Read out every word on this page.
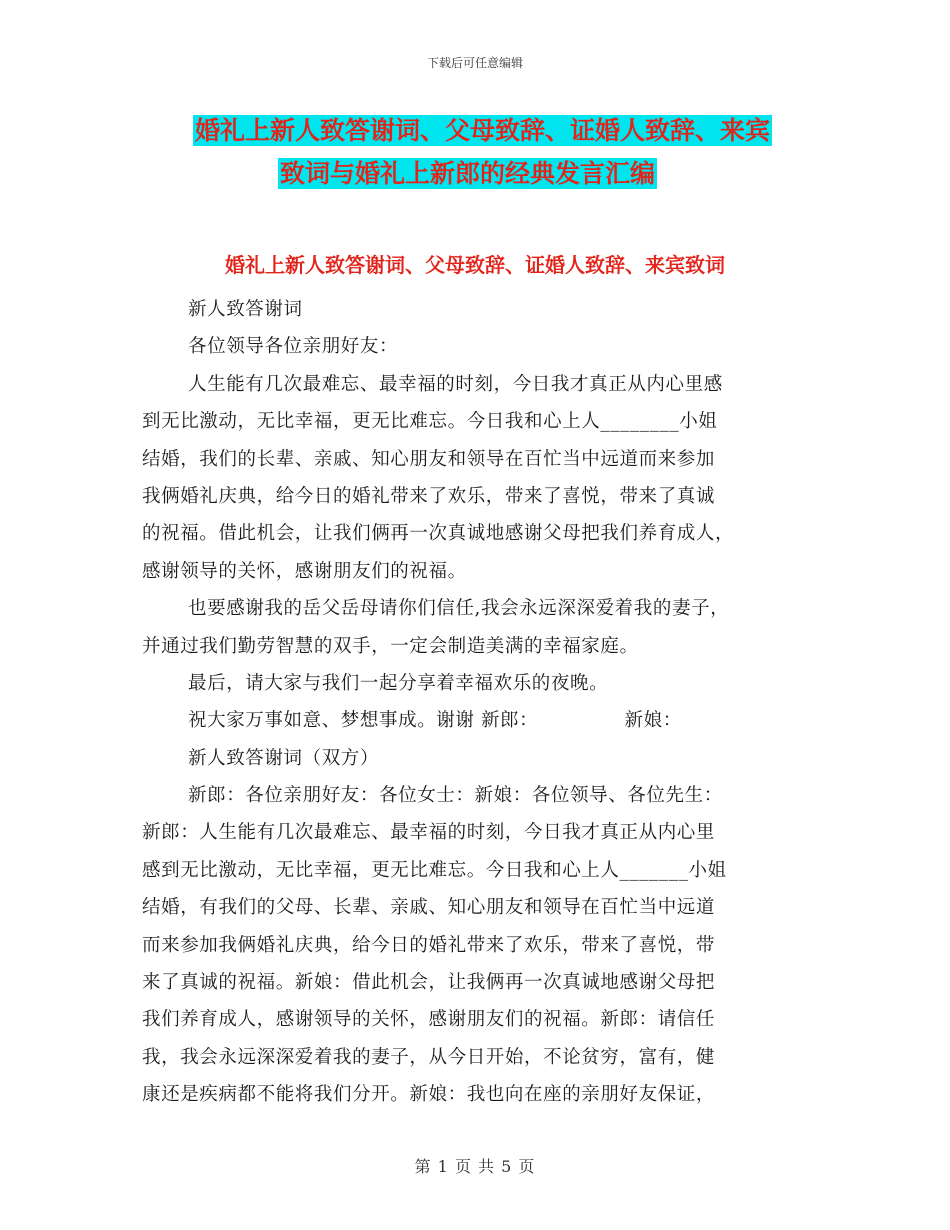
下载后可任意编辑
婚礼上新人致答谢词、父母致辞、证婚人致辞、来宾
致词与婚礼上新郎的经典发言汇编
婚礼上新人致答谢词、父母致辞、证婚人致辞、来宾致词
新人致答谢词
各位领导各位亲朋好友：
人生能有几次最难忘、最幸福的时刻，今日我才真正从内心里感
到无比激动，无比幸福，更无比难忘。今日我和心上人________小姐
结婚，我们的长辈、亲戚、知心朋友和领导在百忙当中远道而来参加
我俩婚礼庆典，给今日的婚礼带来了欢乐，带来了喜悦，带来了真诚
的祝福。借此机会，让我们俩再一次真诚地感谢父母把我们养育成人，
感谢领导的关怀，感谢朋友们的祝福。
也要感谢我的岳父岳母请你们信任,我会永远深深爱着我的妻子，
并通过我们勤劳智慧的双手，一定会制造美满的幸福家庭。
最后，请大家与我们一起分享着幸福欢乐的夜晚。
祝大家万事如意、梦想事成。谢谢 新郎：　　　　　新娘：
新人致答谢词（双方）
新郎：各位亲朋好友：各位女士：新娘：各位领导、各位先生：
新郎：人生能有几次最难忘、最幸福的时刻，今日我才真正从内心里
感到无比激动，无比幸福，更无比难忘。今日我和心上人_______小姐
结婚，有我们的父母、长辈、亲戚、知心朋友和领导在百忙当中远道
而来参加我俩婚礼庆典，给今日的婚礼带来了欢乐，带来了喜悦，带
来了真诚的祝福。新娘：借此机会，让我俩再一次真诚地感谢父母把
我们养育成人，感谢领导的关怀，感谢朋友们的祝福。新郎：请信任
我，我会永远深深爱着我的妻子，从今日开始，不论贫穷，富有，健
康还是疾病都不能将我们分开。新娘：我也向在座的亲朋好友保证，
第 1 页 共 5 页
